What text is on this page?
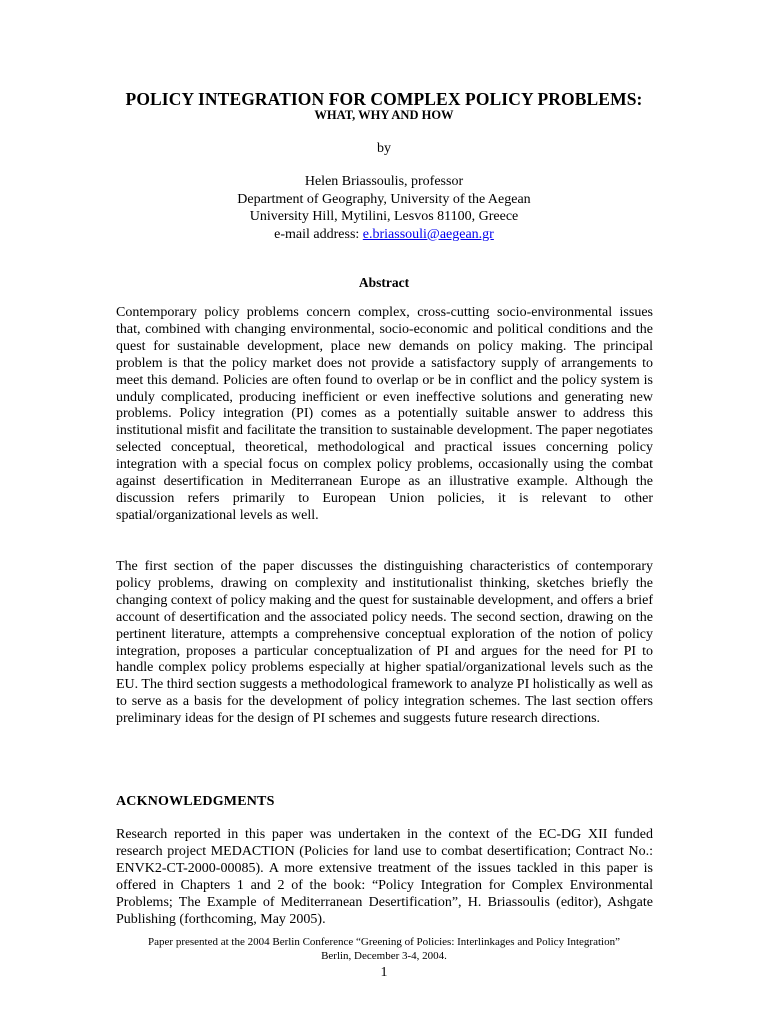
POLICY INTEGRATION FOR COMPLEX POLICY PROBLEMS:
WHAT, WHY AND HOW
by
Helen Briassoulis, professor
Department of Geography, University of the Aegean
University Hill, Mytilini, Lesvos 81100, Greece
e-mail address: e.briassouli@aegean.gr
Abstract
Contemporary policy problems concern complex, cross-cutting socio-environmental issues that, combined with changing environmental, socio-economic and political conditions and the quest for sustainable development, place new demands on policy making. The principal problem is that the policy market does not provide a satisfactory supply of arrangements to meet this demand. Policies are often found to overlap or be in conflict and the policy system is unduly complicated, producing inefficient or even ineffective solutions and generating new problems. Policy integration (PI) comes as a potentially suitable answer to address this institutional misfit and facilitate the transition to sustainable development. The paper negotiates selected conceptual, theoretical, methodological and practical issues concerning policy integration with a special focus on complex policy problems, occasionally using the combat against desertification in Mediterranean Europe as an illustrative example. Although the discussion refers primarily to European Union policies, it is relevant to other spatial/organizational levels as well.
The first section of the paper discusses the distinguishing characteristics of contemporary policy problems, drawing on complexity and institutionalist thinking, sketches briefly the changing context of policy making and the quest for sustainable development, and offers a brief account of desertification and the associated policy needs. The second section, drawing on the pertinent literature, attempts a comprehensive conceptual exploration of the notion of policy integration, proposes a particular conceptualization of PI and argues for the need for PI to handle complex policy problems especially at higher spatial/organizational levels such as the EU. The third section suggests a methodological framework to analyze PI holistically as well as to serve as a basis for the development of policy integration schemes. The last section offers preliminary ideas for the design of PI schemes and suggests future research directions.
ACKNOWLEDGMENTS
Research reported in this paper was undertaken in the context of the EC-DG XII funded research project MEDACTION (Policies for land use to combat desertification; Contract No.: ENVK2-CT-2000-00085). A more extensive treatment of the issues tackled in this paper is offered in Chapters 1 and 2 of the book: “Policy Integration for Complex Environmental Problems; The Example of Mediterranean Desertification”, H. Briassoulis (editor), Ashgate Publishing (forthcoming, May 2005).
Paper presented at the 2004 Berlin Conference “Greening of Policies: Interlinkages and Policy Integration”
Berlin, December 3-4, 2004.
1
